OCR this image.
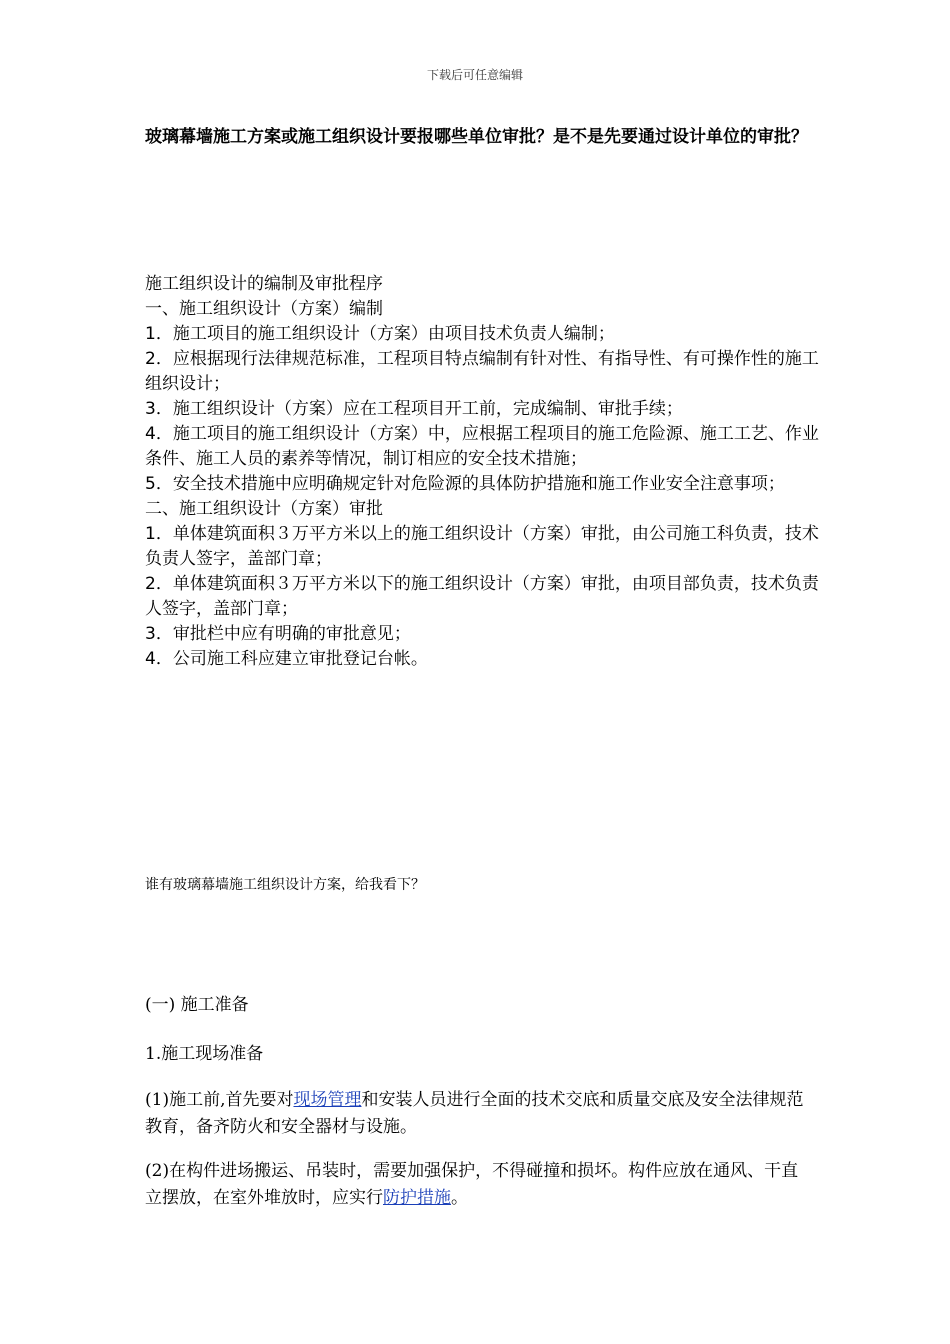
下载后可任意编辑
玻璃幕墙施工方案或施工组织设计要报哪些单位审批？是不是先要通过设计单位的审批？
施工组织设计的编制及审批程序
一、施工组织设计（方案）编制
1．施工项目的施工组织设计（方案）由项目技术负责人编制；
2．应根据现行法律规范标准，工程项目特点编制有针对性、有指导性、有可操作性的施工组织设计；
3．施工组织设计（方案）应在工程项目开工前，完成编制、审批手续；
4．施工项目的施工组织设计（方案）中，应根据工程项目的施工危险源、施工工艺、作业条件、施工人员的素养等情况，制订相应的安全技术措施；
5．安全技术措施中应明确规定针对危险源的具体防护措施和施工作业安全注意事项；
二、施工组织设计（方案）审批
1．单体建筑面积３万平方米以上的施工组织设计（方案）审批，由公司施工科负责，技术负责人签字，盖部门章；
2．单体建筑面积３万平方米以下的施工组织设计（方案）审批，由项目部负责，技术负责人签字，盖部门章；
3．审批栏中应有明确的审批意见；
4．公司施工科应建立审批登记台帐。
谁有玻璃幕墙施工组织设计方案，给我看下？
(一) 施工准备
1.施工现场准备
(1)施工前,首先要对现场管理和安装人员进行全面的技术交底和质量交底及安全法律规范教育，备齐防火和安全器材与设施。
(2)在构件进场搬运、吊装时，需要加强保护，不得碰撞和损坏。构件应放在通风、干直立摆放，在室外堆放时，应实行防护措施。
